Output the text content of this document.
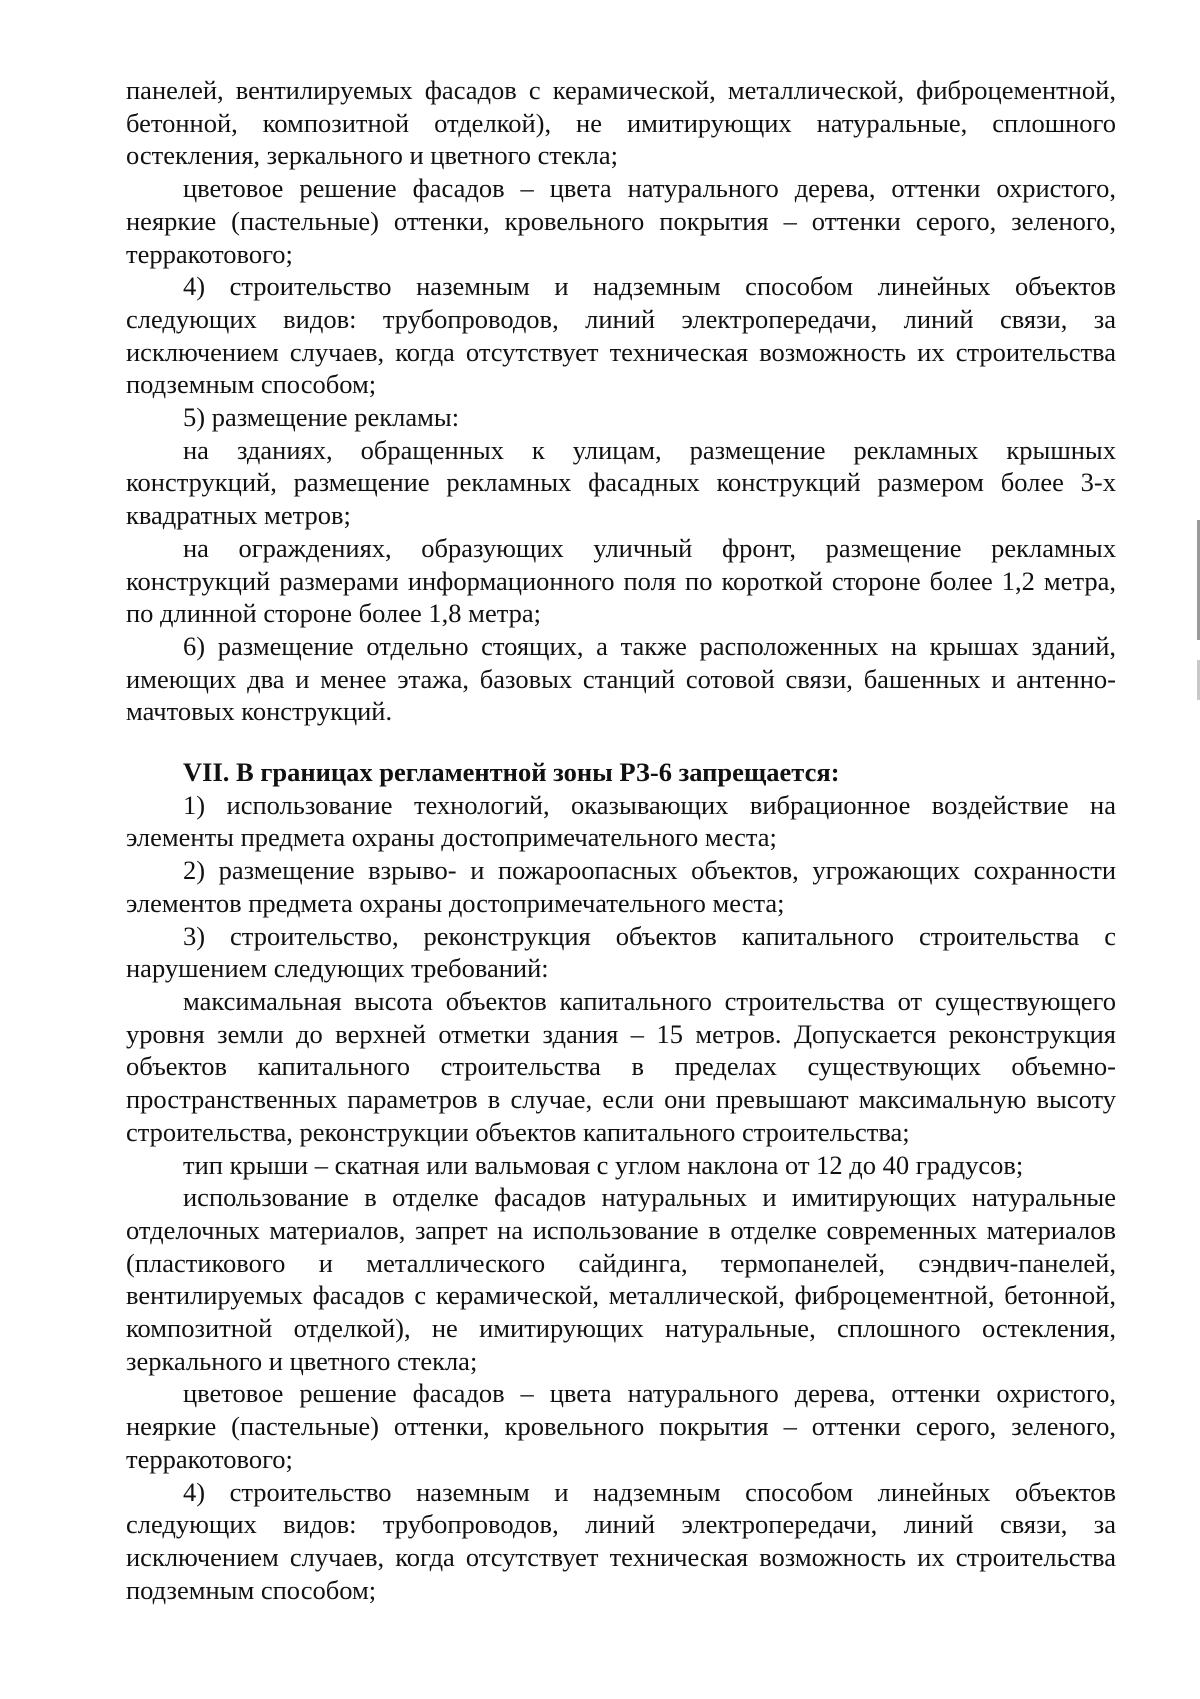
панелей, вентилируемых фасадов с керамической, металлической, фиброцементной, бетонной, композитной отделкой), не имитирующих натуральные, сплошного остекления, зеркального и цветного стекла;

цветовое решение фасадов – цвета натурального дерева, оттенки охристого, неяркие (пастельные) оттенки, кровельного покрытия – оттенки серого, зеленого, терракотового;

4) строительство наземным и надземным способом линейных объектов следующих видов: трубопроводов, линий электропередачи, линий связи, за исключением случаев, когда отсутствует техническая возможность их строительства подземным способом;

5) размещение рекламы:

на зданиях, обращенных к улицам, размещение рекламных крышных конструкций, размещение рекламных фасадных конструкций размером более 3-х квадратных метров;

на ограждениях, образующих уличный фронт, размещение рекламных конструкций размерами информационного поля по короткой стороне более 1,2 метра, по длинной стороне более 1,8 метра;

6) размещение отдельно стоящих, а также расположенных на крышах зданий, имеющих два и менее этажа, базовых станций сотовой связи, башенных и антенно- мачтовых конструкций.

VII. В границах регламентной зоны РЗ-6 запрещается:

1) использование технологий, оказывающих вибрационное воздействие на элементы предмета охраны достопримечательного места;

2) размещение взрыво- и пожароопасных объектов, угрожающих сохранности элементов предмета охраны достопримечательного места;

3) строительство, реконструкция объектов капитального строительства с нарушением следующих требований:

максимальная высота объектов капитального строительства от существующего уровня земли до верхней отметки здания – 15 метров. Допускается реконструкция объектов капитального строительства в пределах существующих объемно-пространственных параметров в случае, если они превышают максимальную высоту строительства, реконструкции объектов капитального строительства;

тип крыши – скатная или вальмовая с углом наклона от 12 до 40 градусов;

использование в отделке фасадов натуральных и имитирующих натуральные отделочных материалов, запрет на использование в отделке современных материалов (пластикового и металлического сайдинга, термопанелей, сэндвич-панелей, вентилируемых фасадов с керамической, металлической, фиброцементной, бетонной, композитной отделкой), не имитирующих натуральные, сплошного остекления, зеркального и цветного стекла;

цветовое решение фасадов – цвета натурального дерева, оттенки охристого, неяркие (пастельные) оттенки, кровельного покрытия – оттенки серого, зеленого, терракотового;

4) строительство наземным и надземным способом линейных объектов следующих видов: трубопроводов, линий электропередачи, линий связи, за исключением случаев, когда отсутствует техническая возможность их строительства подземным способом;
